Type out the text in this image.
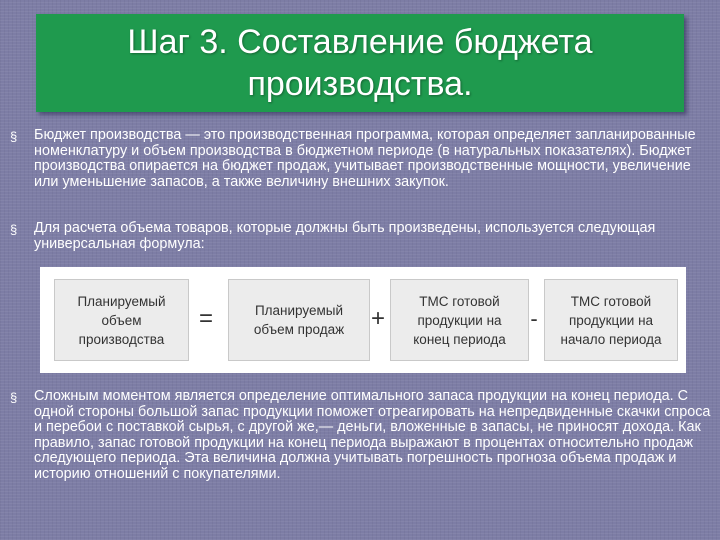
Шаг 3. Составление бюджета
производства.
§	Бюджет производства — это производственная программа, которая определяет запланированные номенклатуру и объем производства в бюджетном периоде (в натуральных показателях). Бюджет производства опирается на бюджет продаж, учитывает производственные мощности, увеличение или уменьшение запасов, а также величину внешних закупок.
§	Для расчета объема товаров, которые должны быть произведены, используется следующая универсальная формула:
Планируемый
объем
производства
=	Планируемый
объем продаж +
ТМС готовой
продукции на
конец периода
-
ТМС готовой
продукции на
начало периода
§	Сложным моментом является определение оптимального запаса продукции на конец периода. С одной стороны большой запас продукции поможет отреагировать на непредвиденные скачки спроса и перебои с поставкой сырья, с другой же,— деньги, вложенные в запасы, не приносят дохода. Как правило, запас готовой продукции на конец периода выражают в процентах относительно продаж следующего периода. Эта величина должна учитывать погрешность прогноза объема продаж и историю отношений с покупателями.
